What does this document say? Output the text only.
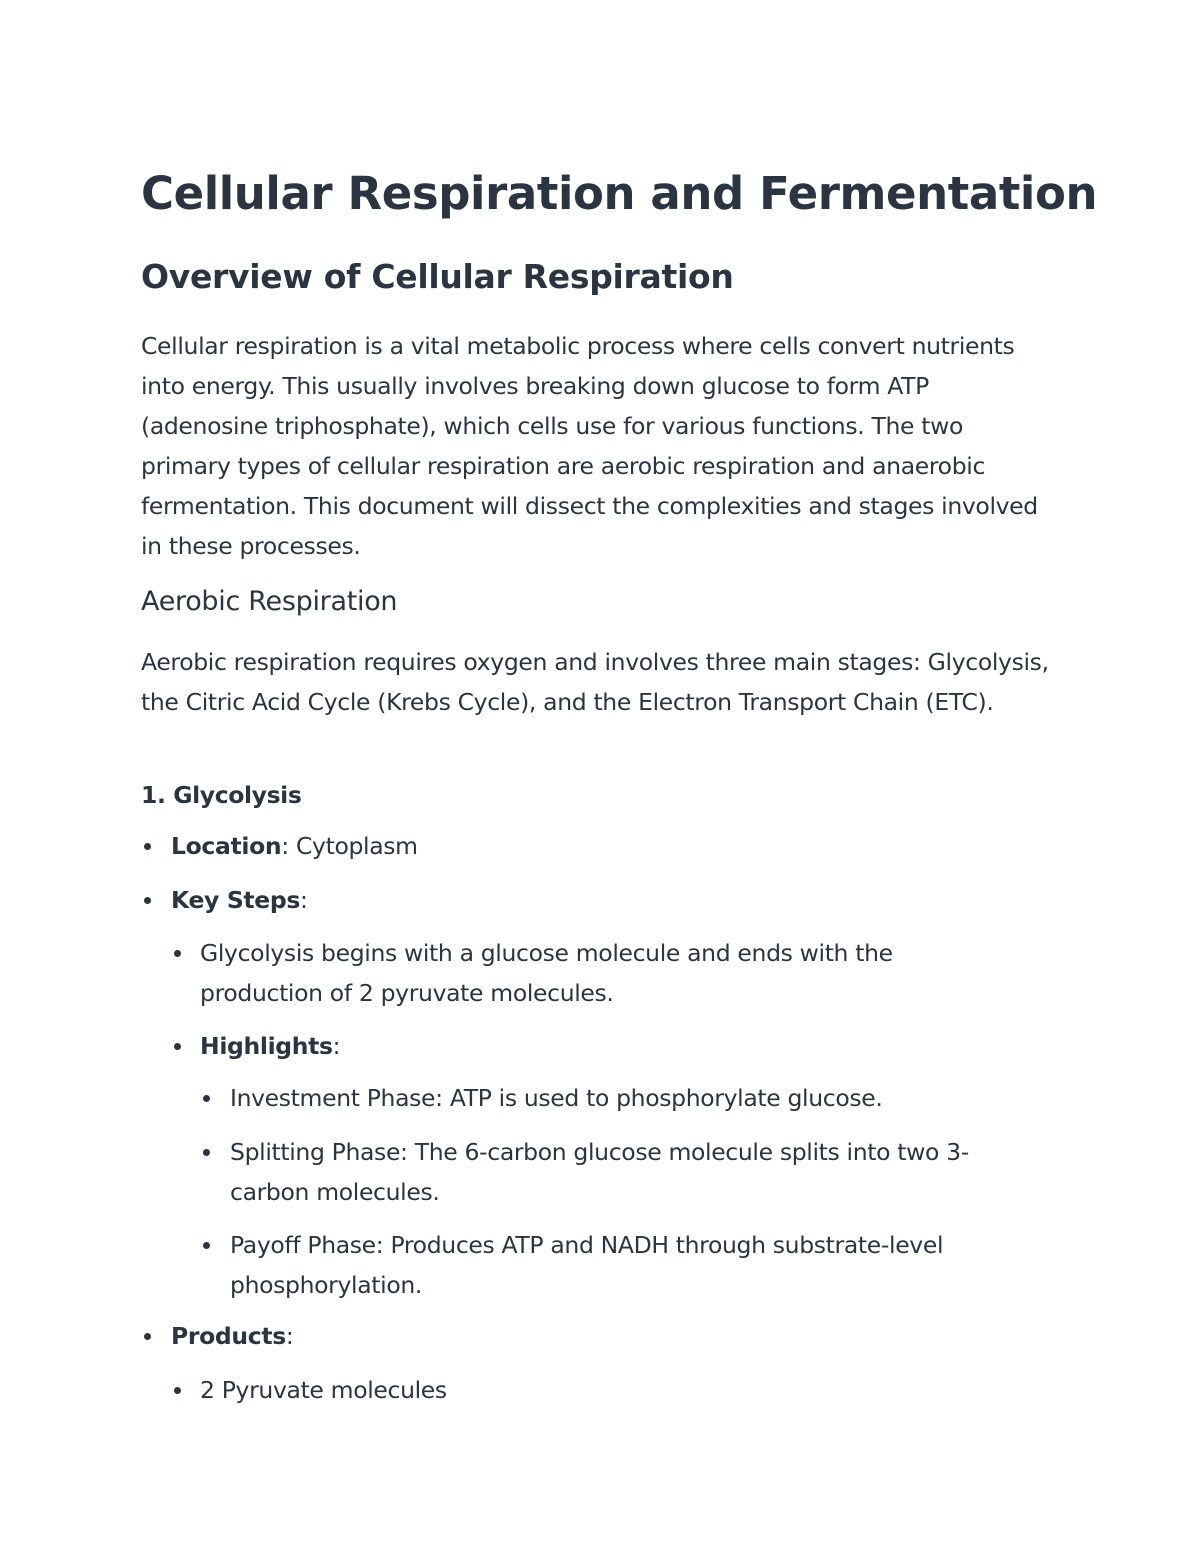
Cellular Respiration and Fermentation
Overview of Cellular Respiration

Cellular respiration is a vital metabolic process where cells convert nutrients into energy. This usually involves breaking down glucose to form ATP (adenosine triphosphate), which cells use for various functions. The two primary types of cellular respiration are aerobic respiration and anaerobic fermentation. This document will dissect the complexities and stages involved in these processes.

Aerobic Respiration

Aerobic respiration requires oxygen and involves three main stages: Glycolysis, the Citric Acid Cycle (Krebs Cycle), and the Electron Transport Chain (ETC).

1. Glycolysis

Location: Cytoplasm

Key Steps:

Glycolysis begins with a glucose molecule and ends with the production of 2 pyruvate molecules.

Highlights:

Investment Phase: ATP is used to phosphorylate glucose.

Splitting Phase: The 6-carbon glucose molecule splits into two 3-carbon molecules.

Payoff Phase: Produces ATP and NADH through substrate-level phosphorylation.

Products:

2 Pyruvate molecules
